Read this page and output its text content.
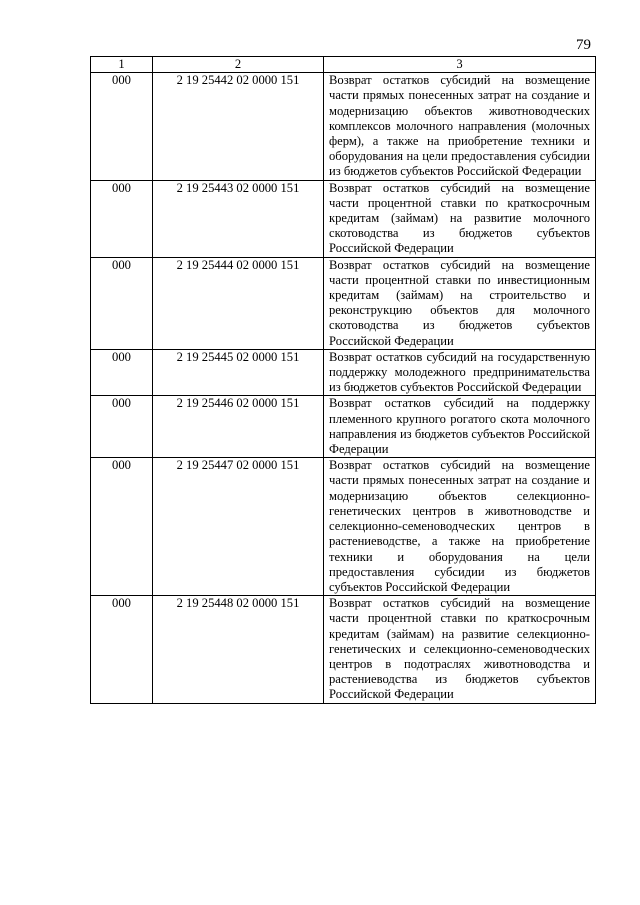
79
1	2	3
000	2 19 25442 02 0000 151	Возврат остатков субсидий на возмещение части прямых понесенных затрат на создание и модернизацию объектов животноводческих комплексов молочного направления (молочных ферм), а также на приобретение техники и оборудования на цели предоставления субсидии из бюджетов субъектов Российской Федерации
000	2 19 25443 02 0000 151	Возврат остатков субсидий на возмещение части процентной ставки по краткосрочным кредитам (займам) на развитие молочного скотоводства из бюджетов субъектов Российской Федерации
000	2 19 25444 02 0000 151	Возврат остатков субсидий на возмещение части процентной ставки по инвестиционным кредитам (займам) на строительство и реконструкцию объектов для молочного скотоводства из бюджетов субъектов Российской Федерации
000	2 19 25445 02 0000 151	Возврат остатков субсидий на государственную поддержку молодежного предпринимательства из бюджетов субъектов Российской Федерации
000	2 19 25446 02 0000 151	Возврат остатков субсидий на поддержку племенного крупного рогатого скота молочного направления из бюджетов субъектов Российской Федерации
000	2 19 25447 02 0000 151	Возврат остатков субсидий на возмещение части прямых понесенных затрат на создание и модернизацию объектов селекционно-генетических центров в животноводстве и селекционно-семеноводческих центров в растениеводстве, а также на приобретение техники и оборудования на цели предоставления субсидии из бюджетов субъектов Российской Федерации
000	2 19 25448 02 0000 151	Возврат остатков субсидий на возмещение части процентной ставки по краткосрочным кредитам (займам) на развитие селекционно-генетических и селекционно-семеноводческих центров в подотраслях животноводства и растениеводства из бюджетов субъектов Российской Федерации
